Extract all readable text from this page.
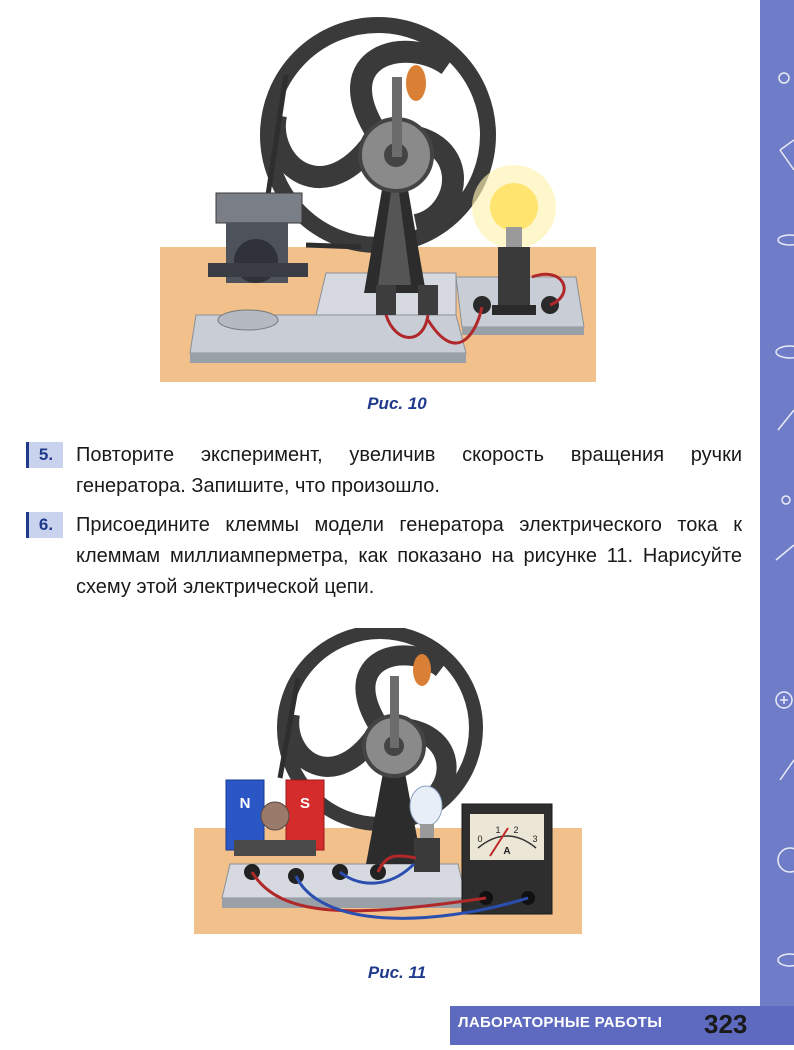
Рис. 10
5.	Повторите эксперимент, увеличив скорость вращения ручки генератора. Запишите, что произошло.
6.	Присоедините клеммы модели генератора электрического тока к клеммам миллиамперметра, как показано на рисунке 11. Нарисуйте схему этой электрической цепи.
N	S
0
1 2
3
A
Рис. 11
ЛАБОРАТОРНЫЕ РАБОТЫ 323
